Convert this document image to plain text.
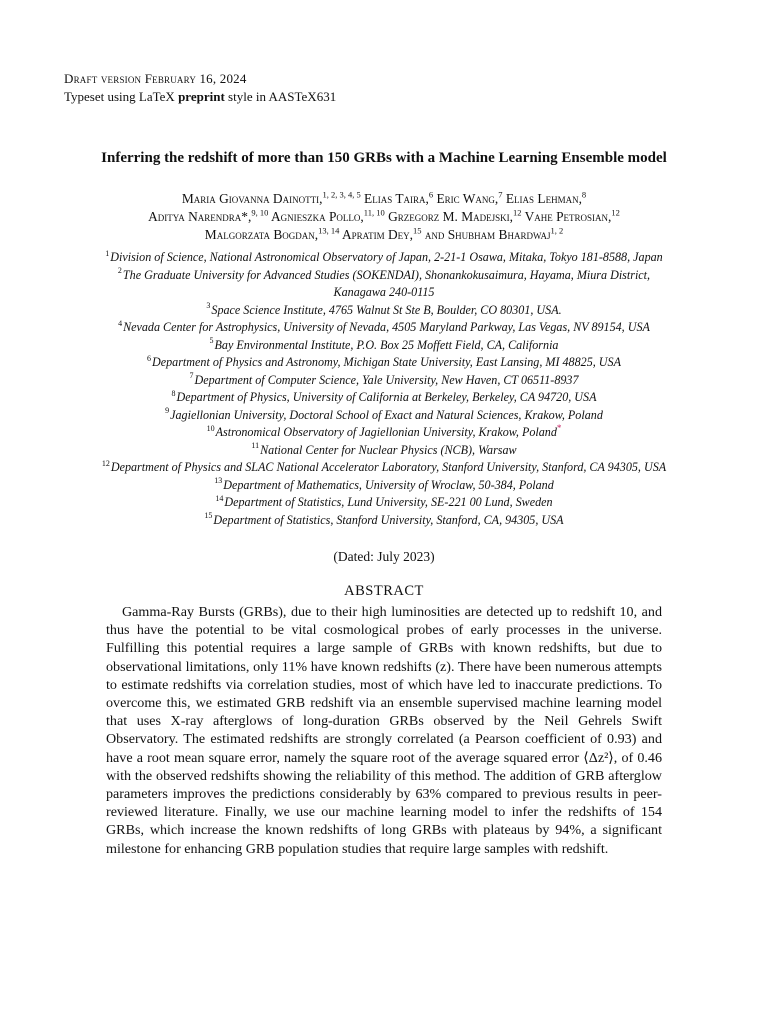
Draft version February 16, 2024
Typeset using LaTeX preprint style in AASTeX631
Inferring the redshift of more than 150 GRBs with a Machine Learning Ensemble model
Maria Giovanna Dainotti,$^{1, 2, 3, 4, 5}$ Elias Taira,$^6$ Eric Wang,$^7$ Elias Lehman,$^8$
Aditya Narendra*,$^{9, 10}$ Agnieszka Pollo,$^{11, 10}$ Grzegorz M. Madejski,$^{12}$ Vahe Petrosian,$^{12}$
Malgorzata Bogdan,$^{13, 14}$ Apratim Dey,$^{15}$ and Shubham Bhardwaj$^{1, 2}$
$^1$Division of Science, National Astronomical Observatory of Japan, 2-21-1 Osawa, Mitaka, Tokyo 181-8588, Japan
$^2$The Graduate University for Advanced Studies (SOKENDAI), Shonankokusaimura, Hayama, Miura District,
Kanagawa 240-0115
$^3$Space Science Institute, 4765 Walnut St Ste B, Boulder, CO 80301, USA.
$^4$Nevada Center for Astrophysics, University of Nevada, 4505 Maryland Parkway, Las Vegas, NV 89154, USA
$^5$Bay Environmental Institute, P.O. Box 25 Moffett Field, CA, California
$^6$Department of Physics and Astronomy, Michigan State University, East Lansing, MI 48825, USA
$^7$Department of Computer Science, Yale University, New Haven, CT 06511-8937
$^8$Department of Physics, University of California at Berkeley, Berkeley, CA 94720, USA
$^9$Jagiellonian University, Doctoral School of Exact and Natural Sciences, Krakow, Poland
$^{10}$Astronomical Observatory of Jagiellonian University, Krakow, Poland*
$^{11}$National Center for Nuclear Physics (NCB), Warsaw
$^{12}$Department of Physics and SLAC National Accelerator Laboratory, Stanford University, Stanford, CA 94305, USA
$^{13}$Department of Mathematics, University of Wroclaw, 50-384, Poland
$^{14}$Department of Statistics, Lund University, SE-221 00 Lund, Sweden
$^{15}$Department of Statistics, Stanford University, Stanford, CA, 94305, USA
(Dated: July 2023)
ABSTRACT
Gamma-Ray Bursts (GRBs), due to their high luminosities are detected up to redshift 10, and thus have the potential to be vital cosmological probes of early processes in the universe. Fulfilling this potential requires a large sample of GRBs with known redshifts, but due to observational limitations, only 11% have known redshifts (z). There have been numerous attempts to estimate redshifts via correlation studies, most of which have led to inaccurate predictions. To overcome this, we estimated GRB redshift via an ensemble supervised machine learning model that uses X-ray afterglows of long-duration GRBs observed by the Neil Gehrels Swift Observatory. The estimated redshifts are strongly correlated (a Pearson coefficient of 0.93) and have a root mean square error, namely the square root of the average squared error ⟨Δz²⟩, of 0.46 with the observed redshifts showing the reliability of this method. The addition of GRB afterglow parameters improves the predictions considerably by 63% compared to previous results in peer-reviewed literature. Finally, we use our machine learning model to infer the redshifts of 154 GRBs, which increase the known redshifts of long GRBs with plateaus by 94%, a significant milestone for enhancing GRB population studies that require large samples with redshift.
